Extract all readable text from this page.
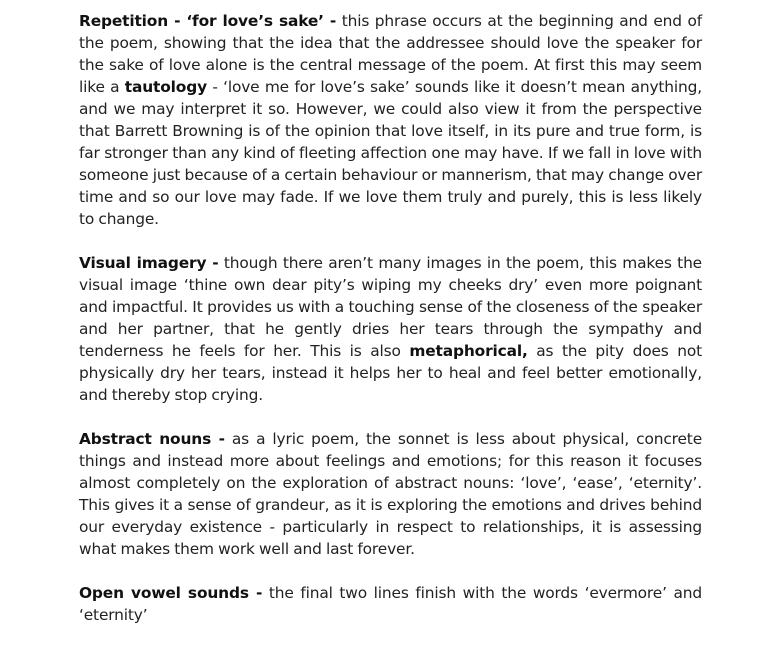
Repetition - ‘for love’s sake’ - this phrase occurs at the beginning and end of the poem, showing that the idea that the addressee should love the speaker for the sake of love alone is the central message of the poem. At first this may seem like a tautology - ‘love me for love’s sake’ sounds like it doesn’t mean anything, and we may interpret it so. However, we could also view it from the perspective that Barrett Browning is of the opinion that love itself, in its pure and true form, is far stronger than any kind of fleeting affection one may have. If we fall in love with someone just because of a certain behaviour or mannerism, that may change over time and so our love may fade. If we love them truly and purely, this is less likely to change.

Visual imagery - though there aren’t many images in the poem, this makes the visual image ‘thine own dear pity’s wiping my cheeks dry’ even more poignant and impactful. It provides us with a touching sense of the closeness of the speaker and her partner, that he gently dries her tears through the sympathy and tenderness he feels for her. This is also metaphorical, as the pity does not physically dry her tears, instead it helps her to heal and feel better emotionally, and thereby stop crying.

Abstract nouns - as a lyric poem, the sonnet is less about physical, concrete things and instead more about feelings and emotions; for this reason it focuses almost completely on the exploration of abstract nouns: ‘love’, ‘ease’, ‘eternity’. This gives it a sense of grandeur, as it is exploring the emotions and drives behind our everyday existence - particularly in respect to relationships, it is assessing what makes them work well and last forever.

Open vowel sounds - the final two lines finish with the words ‘evermore’ and ‘eternity’
